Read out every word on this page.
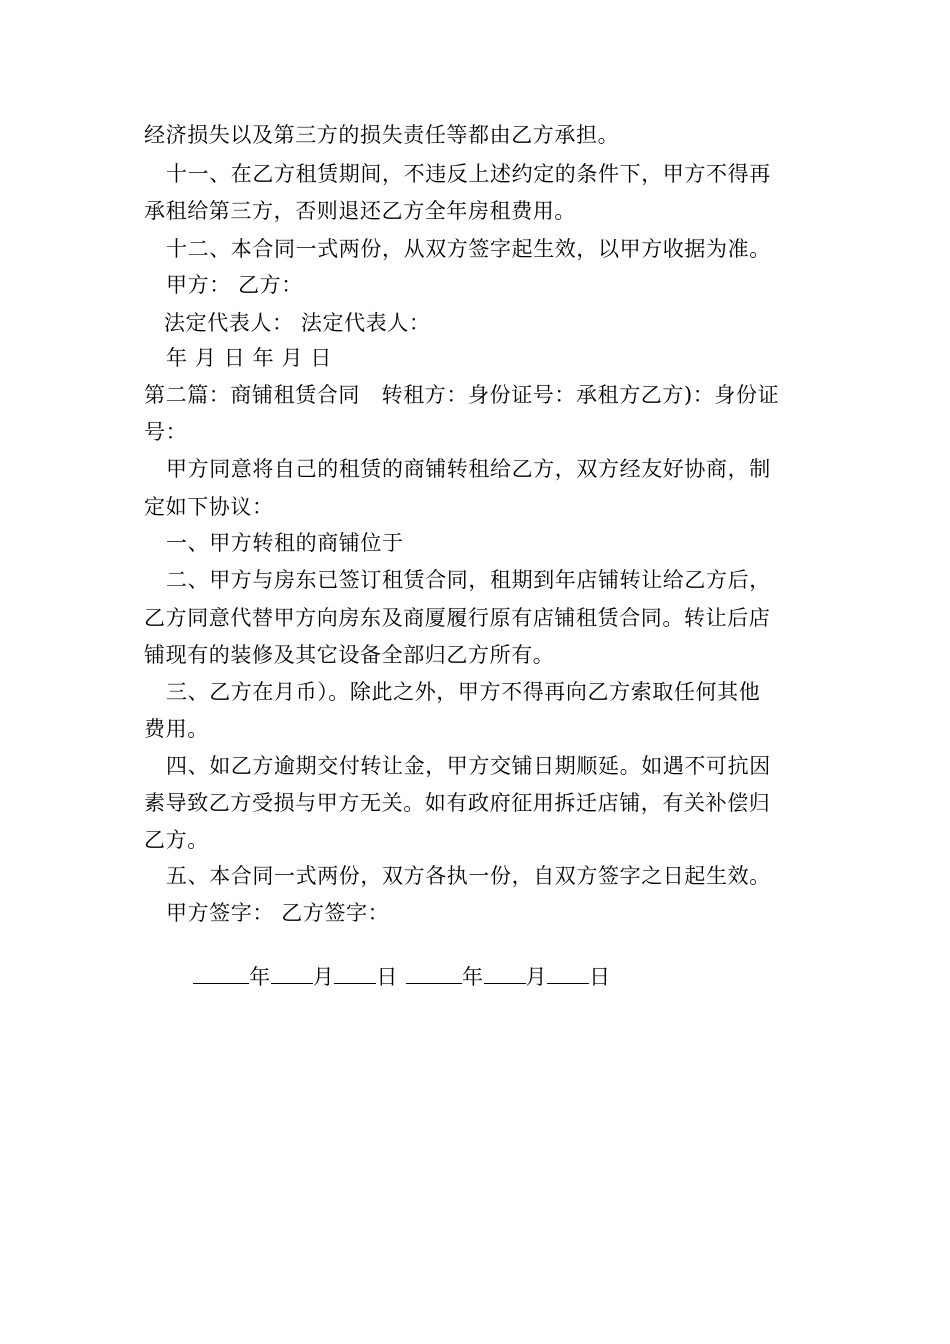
经济损失以及第三方的损失责任等都由乙方承担。
十一、在乙方租赁期间，不违反上述约定的条件下，甲方不得再
承租给第三方，否则退还乙方全年房租费用。
十二、本合同一式两份，从双方签字起生效，以甲方收据为准。
甲方： 乙方：
法定代表人： 法定代表人：
年 月 日 年 月 日
第二篇：商铺租赁合同　转租方：身份证号：承租方乙方)：身份证
号：
甲方同意将自己的租赁的商铺转租给乙方，双方经友好协商，制
定如下协议：
一、甲方转租的商铺位于
二、甲方与房东已签订租赁合同，租期到年店铺转让给乙方后，
乙方同意代替甲方向房东及商厦履行原有店铺租赁合同。转让后店
铺现有的装修及其它设备全部归乙方所有。
三、乙方在月币）。除此之外，甲方不得再向乙方索取任何其他
费用。
四、如乙方逾期交付转让金，甲方交铺日期顺延。如遇不可抗因
素导致乙方受损与甲方无关。如有政府征用拆迁店铺，有关补偿归
乙方。
五、本合同一式两份，双方各执一份，自双方签字之日起生效。
甲方签字： 乙方签字：

年 月 日	年 月 日
